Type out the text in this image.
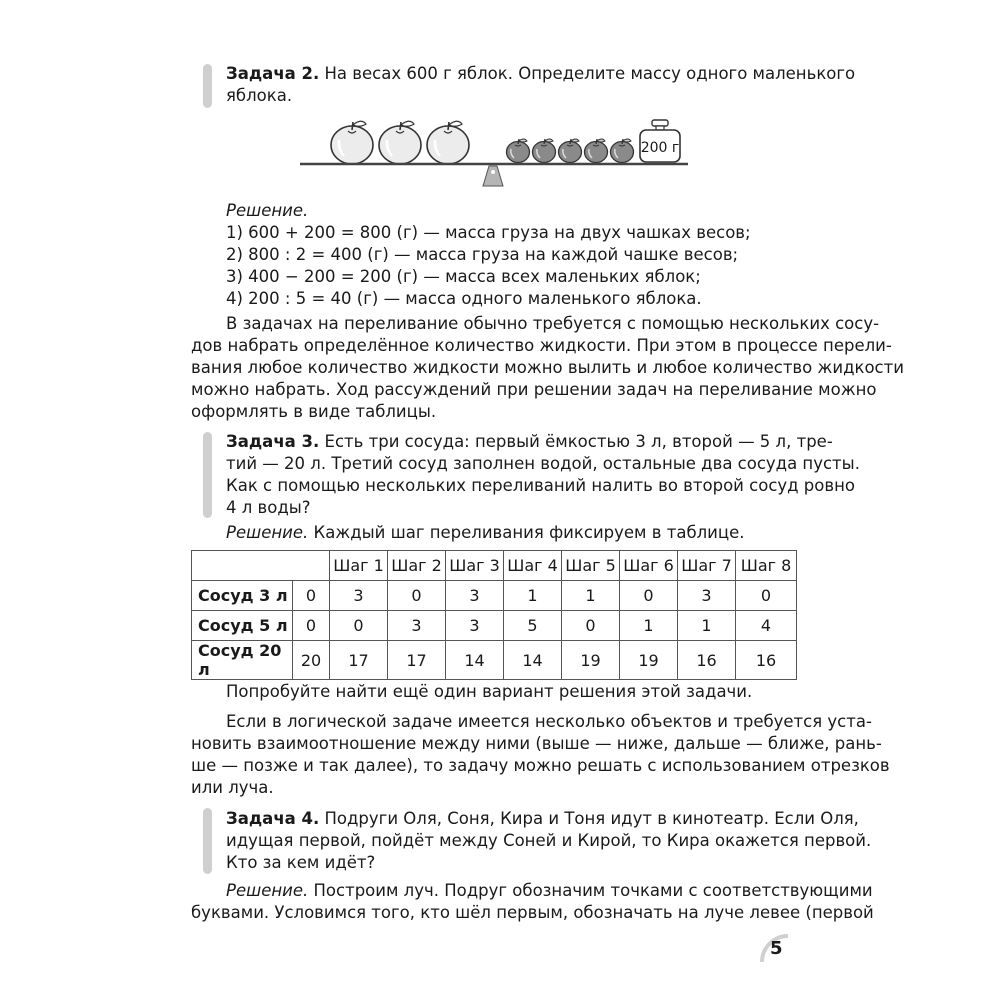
Задача 2. На весах 600 г яблок. Определите массу одного маленького
яблока.
200 г
Решение.
1) 600 + 200 = 800 (г) — масса груза на двух чашках весов;
2) 800 : 2 = 400 (г) — масса груза на каждой чашке весов;
3) 400 − 200 = 200 (г) — масса всех маленьких яблок;
4) 200 : 5 = 40 (г) — масса одного маленького яблока.
В задачах на переливание обычно требуется с помощью нескольких сосу-
дов набрать определённое количество жидкости. При этом в процессе перели-
вания любое количество жидкости можно вылить и любое количество жидкости
можно набрать. Ход рассуждений при решении задач на переливание можно
оформлять в виде таблицы.
Задача 3. Есть три сосуда: первый ёмкостью 3 л, второй — 5 л, тре-
тий — 20 л. Третий сосуд заполнен водой, остальные два сосуда пусты.
Как с помощью нескольких переливаний налить во второй сосуд ровно
4 л воды?
Решение. Каждый шаг переливания фиксируем в таблице.
		Шаг 1	Шаг 2	Шаг 3	Шаг 4	Шаг 5	Шаг 6	Шаг 7	Шаг 8
Сосуд 3 л	0	3	0	3	1	1	0	3	0
Сосуд 5 л	0	0	3	3	5	0	1	1	4
Сосуд 20 л	20	17	17	14	14	19	19	16	16
Попробуйте найти ещё один вариант решения этой задачи.
Если в логической задаче имеется несколько объектов и требуется уста-
новить взаимоотношение между ними (выше — ниже, дальше — ближе, рань-
ше — позже и так далее), то задачу можно решать с использованием отрезков
или луча.
Задача 4. Подруги Оля, Соня, Кира и Тоня идут в кинотеатр. Если Оля,
идущая первой, пойдёт между Соней и Кирой, то Кира окажется первой.
Кто за кем идёт?
Решение. Построим луч. Подруг обозначим точками с соответствующими
буквами. Условимся того, кто шёл первым, обозначать на луче левее (первой
5
